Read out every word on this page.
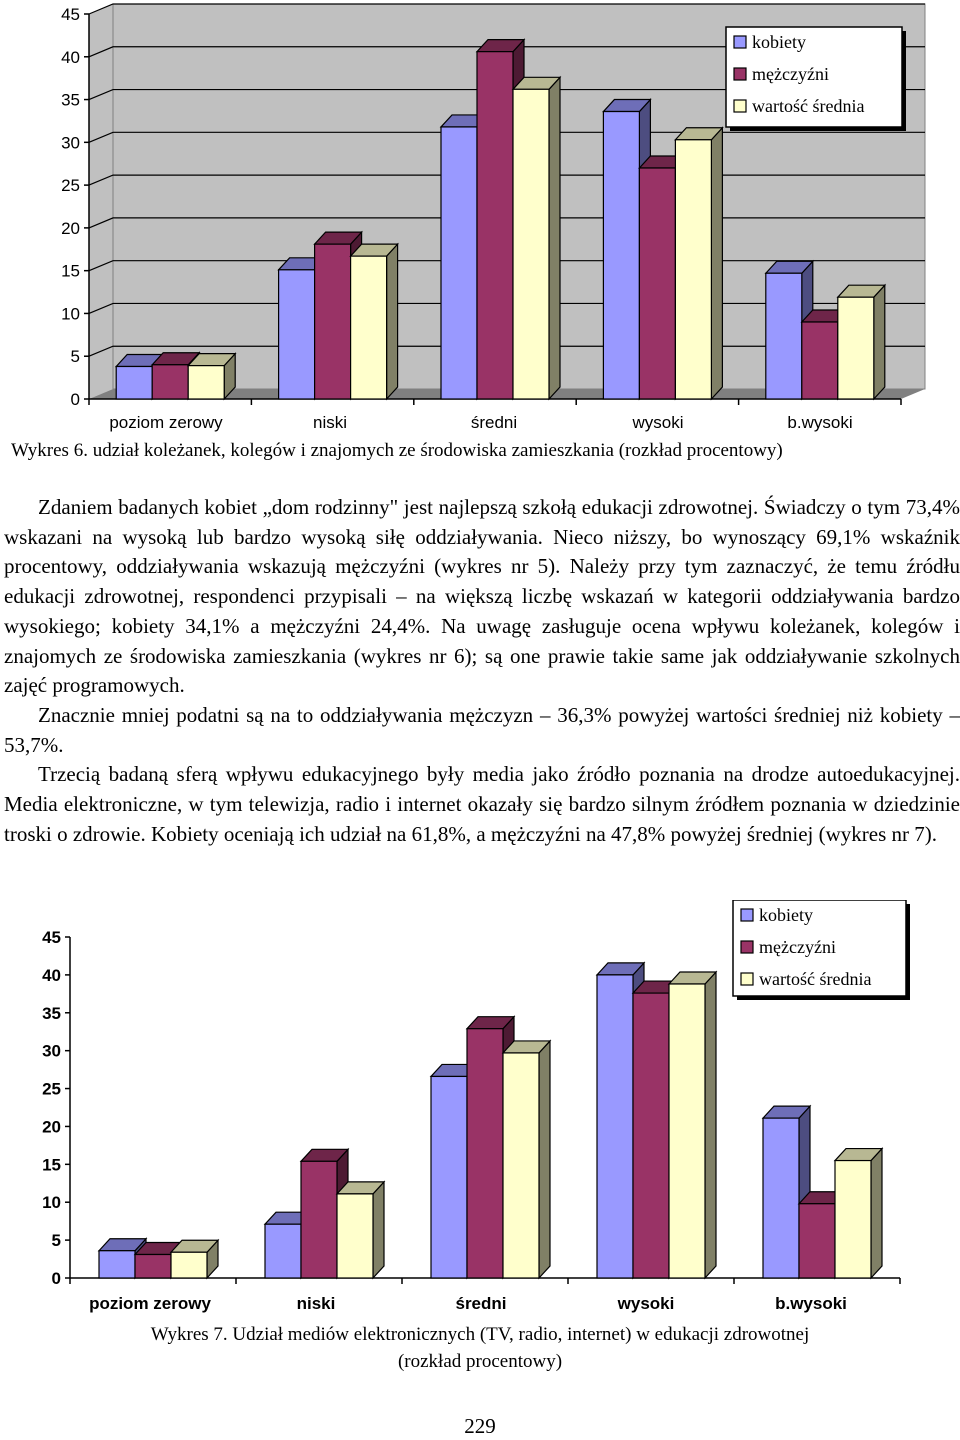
0
5
10
15
20
25
30
35
40
45
poziom zerowy	niski	średni	wysoki	b.wysoki
kobiety
mężczyźni
wartość średnia
Wykres 6. udział koleżanek, kolegów i znajomych ze środowiska zamieszkania (rozkład procentowy)

Zdaniem badanych kobiet „dom rodzinny" jest najlepszą szkołą edukacji zdrowotnej. Świadczy o tym 73,4% wskazani na wysoką lub bardzo wysoką siłę oddziaływania. Nieco niższy, bo wynoszący 69,1% wskaźnik procentowy, oddziaływania wskazują mężczyźni (wykres nr 5). Należy przy tym zaznaczyć, że temu źródłu edukacji zdrowotnej, respondenci przypisali – na większą liczbę wskazań w kategorii oddziaływania bardzo wysokiego; kobiety 34,1% a mężczyźni 24,4%. Na uwagę zasługuje ocena wpływu koleżanek, kolegów i znajomych ze środowiska zamieszkania (wykres nr 6); są one prawie takie same jak oddziaływanie szkolnych zajęć programowych.

Znacznie mniej podatni są na to oddziaływania mężczyzn – 36,3% powyżej wartości średniej niż kobiety – 53,7%.

Trzecią badaną sferą wpływu edukacyjnego były media jako źródło poznania na drodze autoedukacyjnej. Media elektroniczne, w tym telewizja, radio i internet okazały się bardzo silnym źródłem poznania w dziedzinie troski o zdrowie. Kobiety oceniają ich udział na 61,8%, a mężczyźni na 47,8% powyżej średniej (wykres nr 7).

0
5
10
15
20
25
30
35
40
45
poziom zerowy	niski	średni	wysoki	b.wysoki
kobiety
mężczyźni
wartość średnia
Wykres 7. Udział mediów elektronicznych (TV, radio, internet) w edukacji zdrowotnej
(rozkład procentowy)
229
